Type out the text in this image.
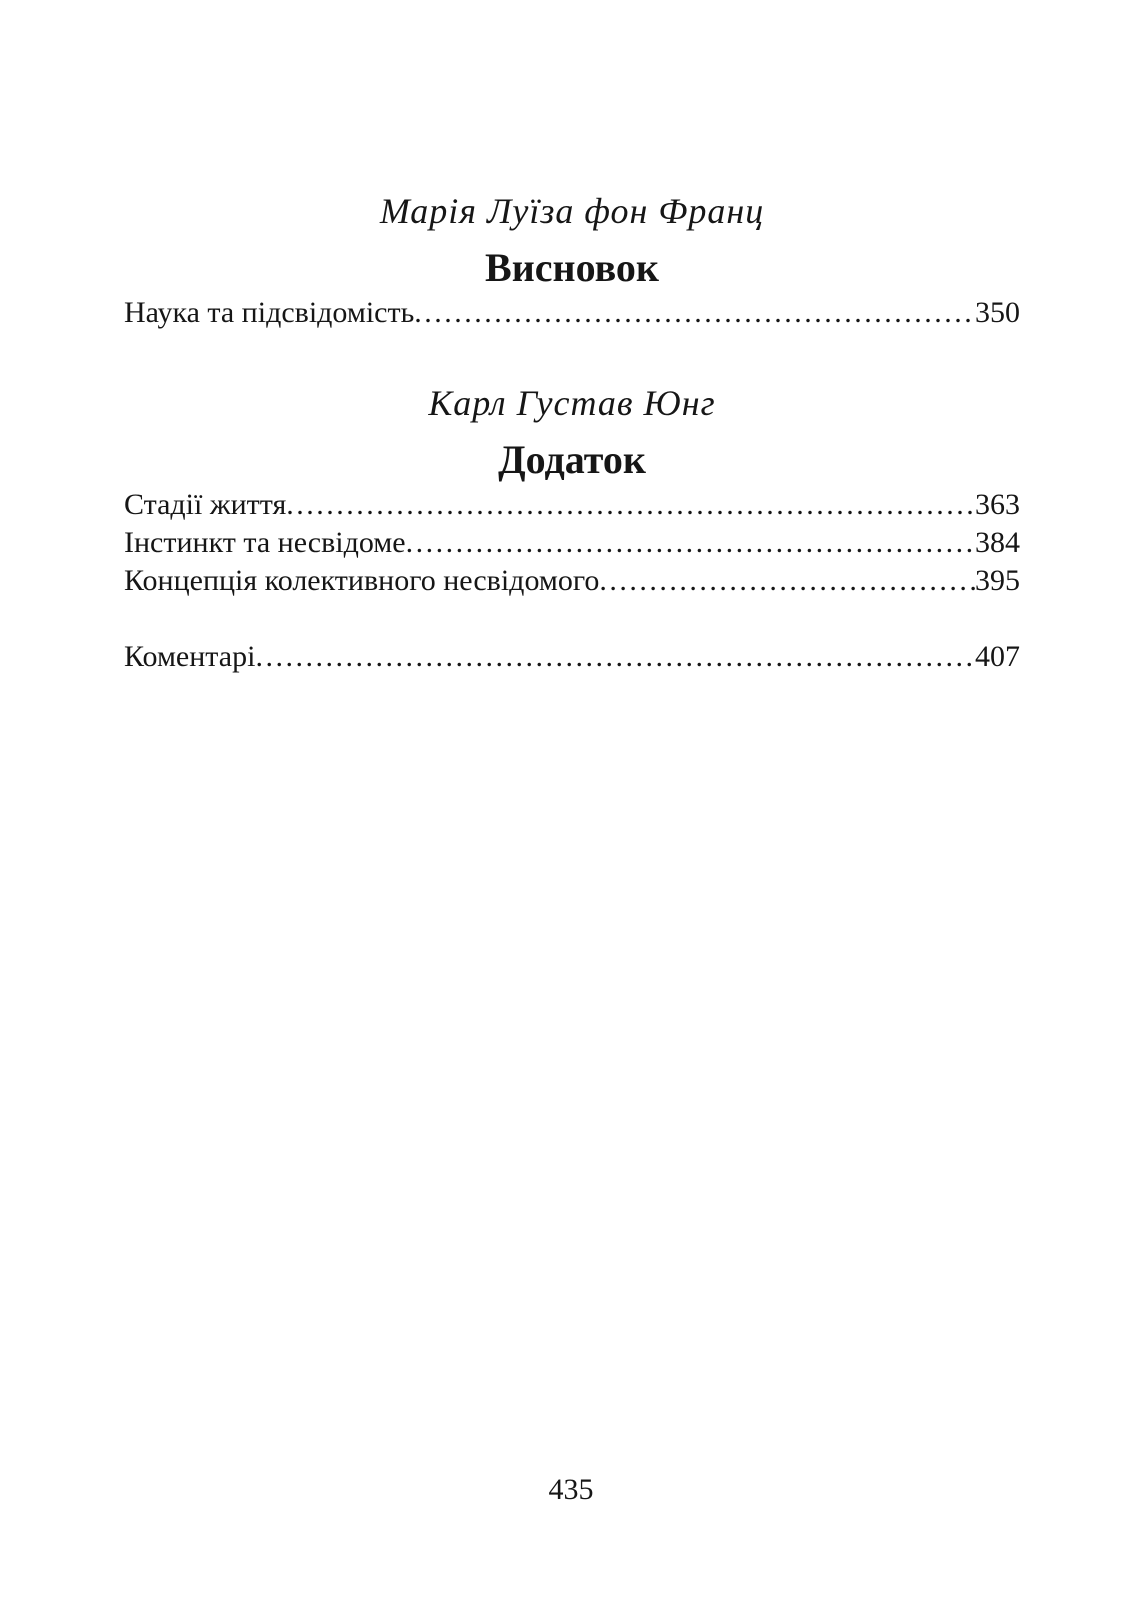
Марія Луїза фон Франц
Висновок
Наука та підсвідомість .....	350
Карл Густав Юнг
Додаток
Стадії життя .....	363
Інстинкт та несвідоме .....	384
Концепція колективного несвідомого .....	395
Коментарі .....	407
435
